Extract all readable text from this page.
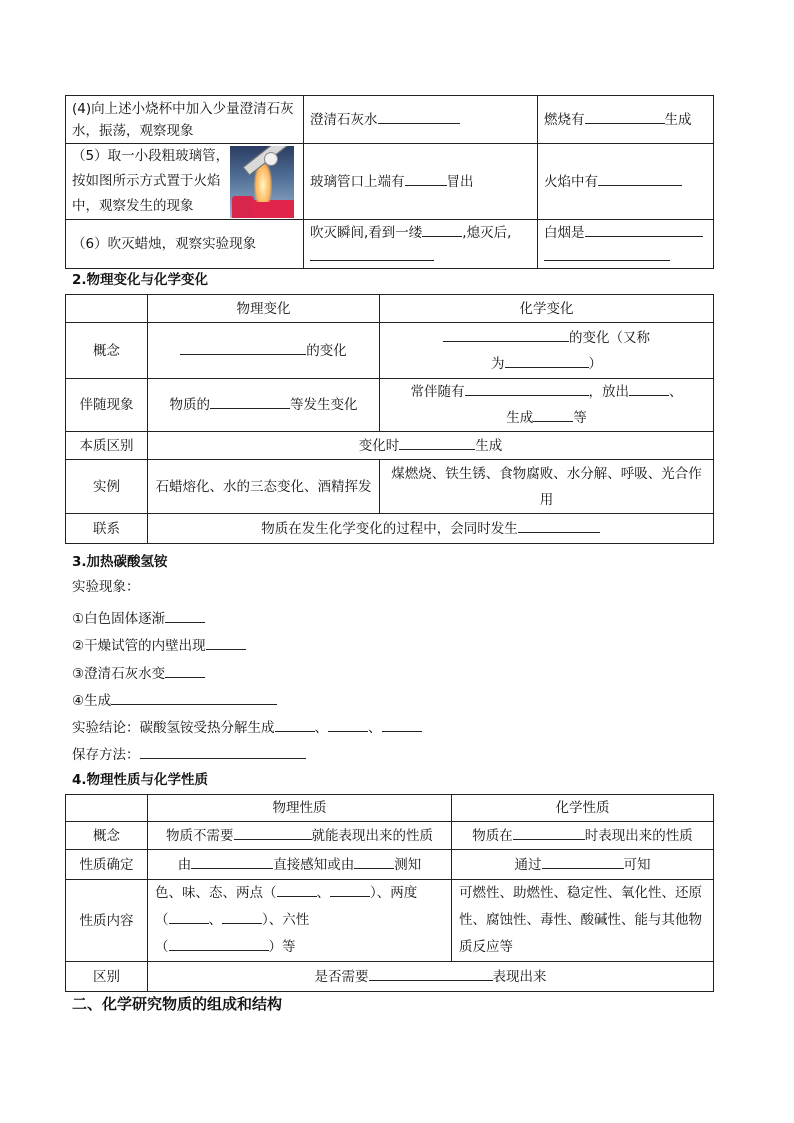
(4)向上述小烧杯中加入少量澄清石灰水，振荡，观察现象	澄清石灰水	燃烧有 生成

（5）取一小段粗玻璃管，按如图所示方式置于火焰中，观察发生的现象	玻璃管口上端有 冒出	火焰中有
（6）吹灭蜡烛，观察实验现象	吹灭瞬间,看到一缕 ,熄灭后,	白烟是

2.物理变化与化学变化
	物理变化	化学变化
概念	的变化	的变化（又称
为 ）
伴随现象	物质的 等发生变化	常伴随有 ，放出 、
生成 等
本质区别	变化时 生成	
实例	石蜡熔化、水的三态变化、酒精挥发	煤燃烧、铁生锈、食物腐败、水分解、呼吸、光合作用
联系	物质在发生化学变化的过程中，会同时发生	
3.加热碳酸氢铵
实验现象：
①白色固体逐渐
②干燥试管的内壁出现
③澄清石灰水变
④生成
实验结论：碳酸氢铵受热分解生成	、	、
保存方法：
4.物理性质与化学性质
	物理性质	化学性质
概念	物质不需要 就能表现出来的性质	物质在 时表现出来的性质
性质确定	由 直接感知或由 测知	通过 可知
性质内容	色、味、态、两点（ 、 ）、两度
（ 、 ）、六性
（ ）等	可燃性、助燃性、稳定性、氧化性、还原性、腐蚀性、毒性、酸碱性、能与其他物质反应等
区别	是否需要 表现出来	
二、化学研究物质的组成和结构
